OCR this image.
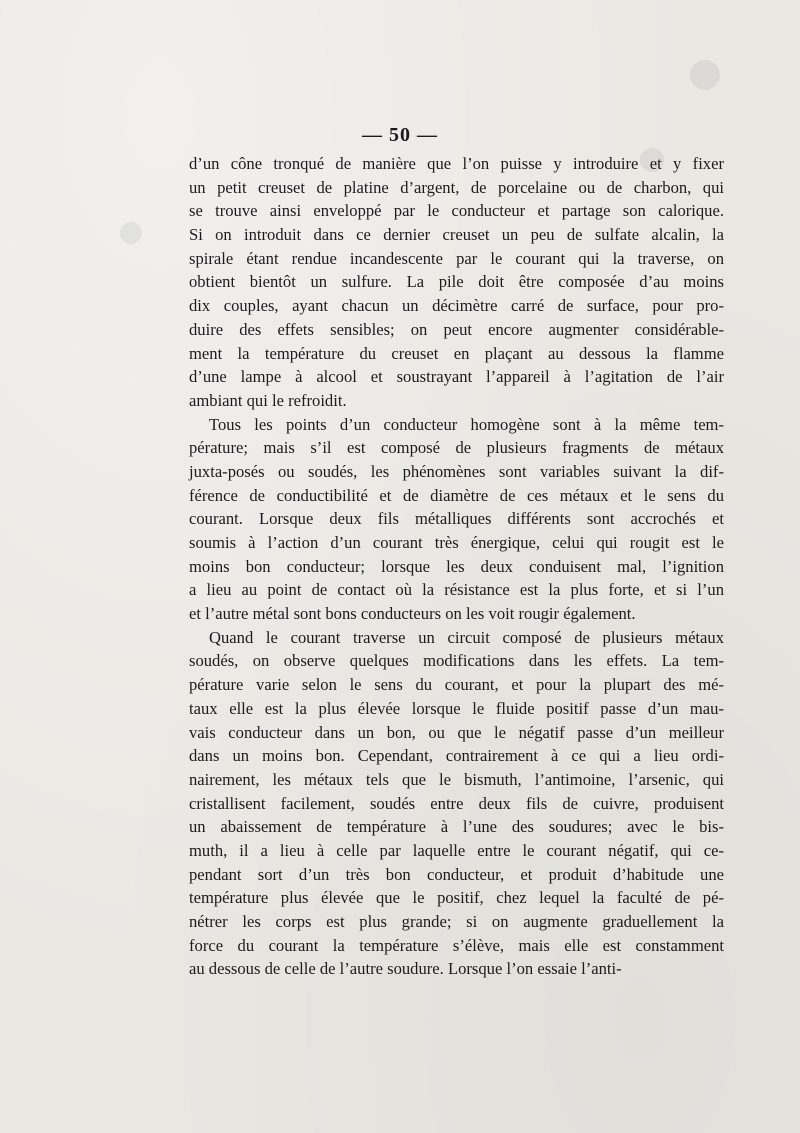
— 50 —

d’un cône tronqué de manière que l’on puisse y introduire et y fixer
un petit creuset de platine d’argent, de porcelaine ou de charbon, qui
se trouve ainsi enveloppé par le conducteur et partage son calorique.
Si on introduit dans ce dernier creuset un peu de sulfate alcalin, la
spirale étant rendue incandescente par le courant qui la traverse, on
obtient bientôt un sulfure. La pile doit être composée d’au moins
dix couples, ayant chacun un décimètre carré de surface, pour pro-
duire des effets sensibles; on peut encore augmenter considérable-
ment la température du creuset en plaçant au dessous la flamme
d’une lampe à alcool et soustrayant l’appareil à l’agitation de l’air
ambiant qui le refroidit.

Tous les points d’un conducteur homogène sont à la même tem-
pérature; mais s’il est composé de plusieurs fragments de métaux
juxta-posés ou soudés, les phénomènes sont variables suivant la dif-
férence de conductibilité et de diamètre de ces métaux et le sens du
courant. Lorsque deux fils métalliques différents sont accrochés et
soumis à l’action d’un courant très énergique, celui qui rougit est le
moins bon conducteur; lorsque les deux conduisent mal, l’ignition
a lieu au point de contact où la résistance est la plus forte, et si l’un
et l’autre métal sont bons conducteurs on les voit rougir également.

Quand le courant traverse un circuit composé de plusieurs métaux
soudés, on observe quelques modifications dans les effets. La tem-
pérature varie selon le sens du courant, et pour la plupart des mé-
taux elle est la plus élevée lorsque le fluide positif passe d’un mau-
vais conducteur dans un bon, ou que le négatif passe d’un meilleur
dans un moins bon. Cependant, contrairement à ce qui a lieu ordi-
nairement, les métaux tels que le bismuth, l’antimoine, l’arsenic, qui
cristallisent facilement, soudés entre deux fils de cuivre, produisent
un abaissement de température à l’une des soudures; avec le bis-
muth, il a lieu à celle par laquelle entre le courant négatif, qui ce-
pendant sort d’un très bon conducteur, et produit d’habitude une
température plus élevée que le positif, chez lequel la faculté de pé-
nétrer les corps est plus grande; si on augmente graduellement la
force du courant la température s’élève, mais elle est constamment
au dessous de celle de l’autre soudure. Lorsque l’on essaie l’anti-
